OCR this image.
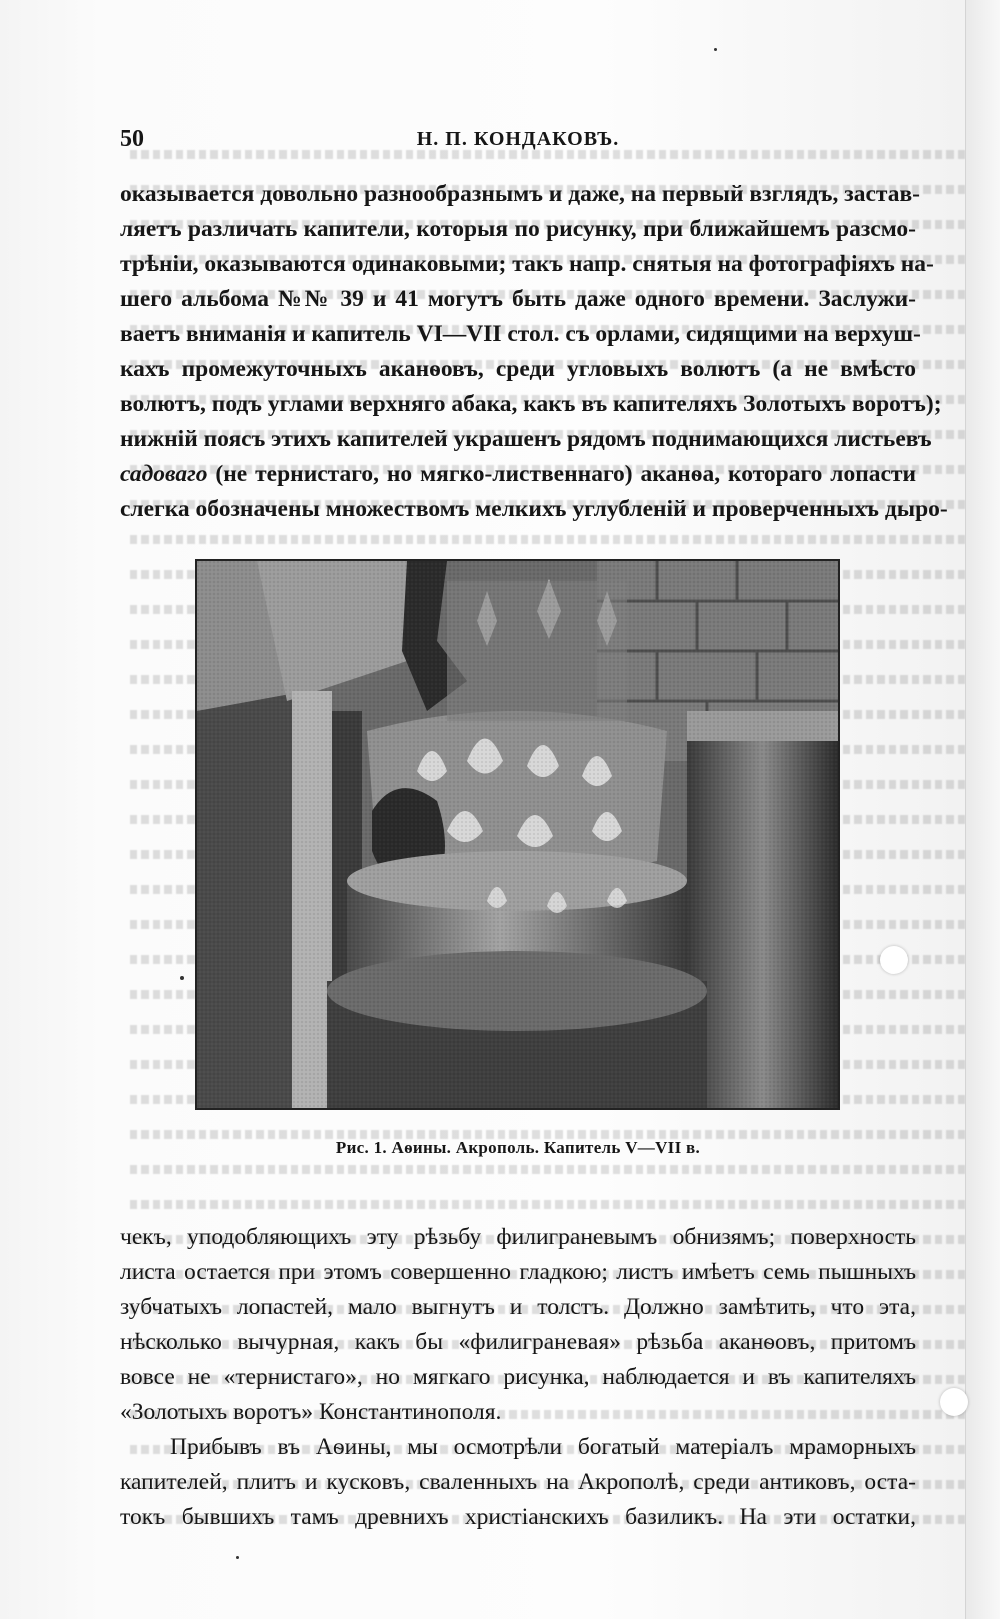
50	Н. П. КОНДАКОВЪ.
оказывается довольно разнообразнымъ и даже, на первый взглядъ, застав-
ляетъ различать капители, которыя по рисунку, при ближайшемъ разсмо-
трѣніи, оказываются одинаковыми; такъ напр. снятыя на фотографіяхъ на-
шего альбома №№ 39 и 41 могутъ быть даже одного времени. Заслужи-
ваетъ вниманія и капитель VI—VII стол. съ орлами, сидящими на верхуш-
кахъ промежуточныхъ аканѳовъ, среди угловыхъ волютъ (а не вмѣсто
волютъ, подъ углами верхняго абака, какъ въ капителяхъ Золотыхъ воротъ);
нижній поясъ этихъ капителей украшенъ рядомъ поднимающихся листьевъ
садоваго (не тернистаго, но мягко-лиственнаго) аканѳа, котораго лопасти
слегка обозначены множествомъ мелкихъ углубленій и проверченныхъ дыро-
Рис. 1. Аѳины. Акрополь. Капитель V—VII в.
чекъ, уподобляющихъ эту рѣзьбу филиграневымъ обнизямъ; поверхность
листа остается при этомъ совершенно гладкою; листъ имѣетъ семь пышныхъ
зубчатыхъ лопастей, мало выгнутъ и толстъ. Должно замѣтить, что эта,
нѣсколько вычурная, какъ бы «филиграневая» рѣзьба аканѳовъ, притомъ
вовсе не «тернистаго», но мягкаго рисунка, наблюдается и въ капителяхъ
«Золотыхъ воротъ» Константинополя.
Прибывъ въ Аѳины, мы осмотрѣли богатый матеріалъ мраморныхъ
капителей, плитъ и кусковъ, сваленныхъ на Акрополѣ, среди антиковъ, оста-
токъ бывшихъ тамъ древнихъ христіанскихъ базиликъ. На эти остатки,
